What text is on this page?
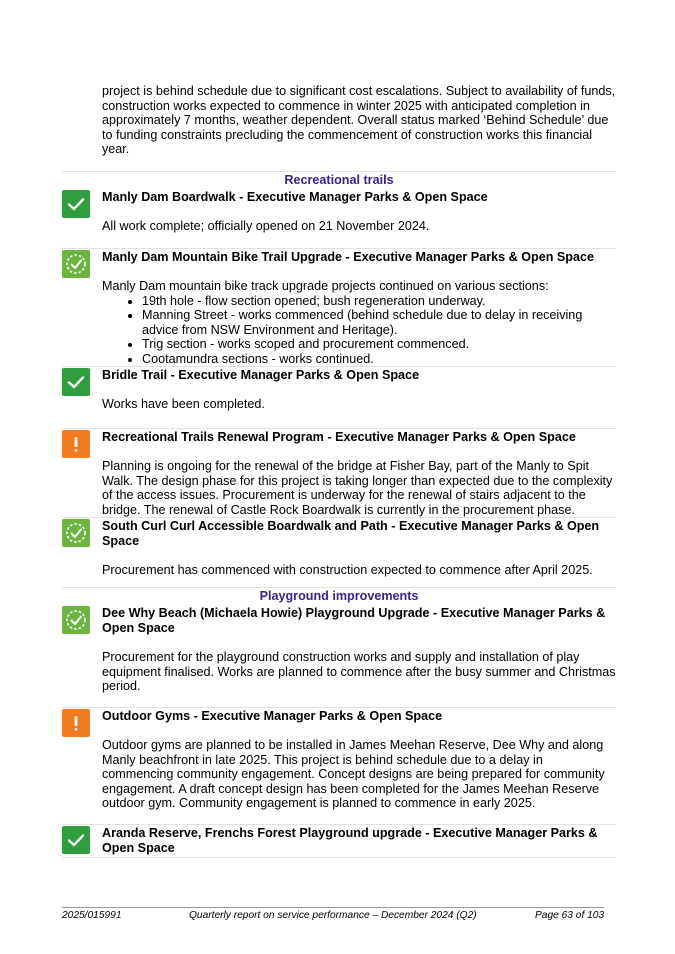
project is behind schedule due to significant cost escalations. Subject to availability of funds, construction works expected to commence in winter 2025 with anticipated completion in approximately 7 months, weather dependent. Overall status marked ‘Behind Schedule’ due to funding constraints precluding the commencement of construction works this financial year.
Recreational trails
Manly Dam Boardwalk - Executive Manager Parks & Open Space
All work complete; officially opened on 21 November 2024.
Manly Dam Mountain Bike Trail Upgrade - Executive Manager Parks & Open Space
Manly Dam mountain bike track upgrade projects continued on various sections:
• 19th hole - flow section opened; bush regeneration underway.
• Manning Street - works commenced (behind schedule due to delay in receiving advice from NSW Environment and Heritage).
• Trig section - works scoped and procurement commenced.
• Cootamundra sections - works continued.
Bridle Trail - Executive Manager Parks & Open Space
Works have been completed.
Recreational Trails Renewal Program - Executive Manager Parks & Open Space
Planning is ongoing for the renewal of the bridge at Fisher Bay, part of the Manly to Spit Walk. The design phase for this project is taking longer than expected due to the complexity of the access issues. Procurement is underway for the renewal of stairs adjacent to the bridge. The renewal of Castle Rock Boardwalk is currently in the procurement phase.
South Curl Curl Accessible Boardwalk and Path - Executive Manager Parks & Open Space
Procurement has commenced with construction expected to commence after April 2025.
Playground improvements
Dee Why Beach (Michaela Howie) Playground Upgrade - Executive Manager Parks & Open Space
Procurement for the playground construction works and supply and installation of play equipment finalised. Works are planned to commence after the busy summer and Christmas period.
Outdoor Gyms - Executive Manager Parks & Open Space
Outdoor gyms are planned to be installed in James Meehan Reserve, Dee Why and along Manly beachfront in late 2025. This project is behind schedule due to a delay in commencing community engagement. Concept designs are being prepared for community engagement. A draft concept design has been completed for the James Meehan Reserve outdoor gym. Community engagement is planned to commence in early 2025.
Aranda Reserve, Frenchs Forest Playground upgrade - Executive Manager Parks & Open Space
2025/015991	Quarterly report on service performance – December 2024 (Q2)	Page 63 of 103
